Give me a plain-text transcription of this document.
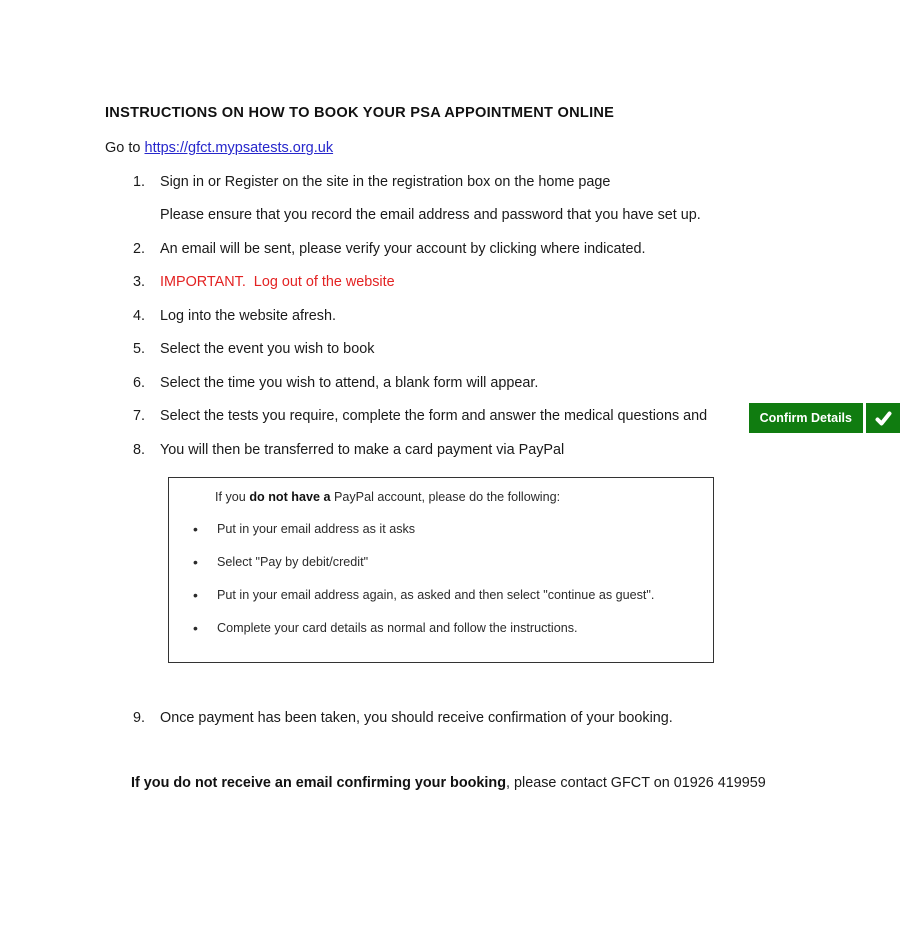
INSTRUCTIONS ON HOW TO BOOK YOUR PSA APPOINTMENT ONLINE
Go to https://gfct.mypsatests.org.uk
1.	Sign in or Register on the site in the registration box on the home page
Please ensure that you record the email address and password that you have set up.
2.	An email will be sent, please verify your account by clicking where indicated.
3.	IMPORTANT.  Log out of the website
4.	Log into the website afresh.
5.	Select the event you wish to book
6.	Select the time you wish to attend, a blank form will appear.
7.	Select the tests you require, complete the form and answer the medical questions and	Confirm Details
8.	You will then be transferred to make a card payment via PayPal
If you do not have a PayPal account, please do the following:
•
Put in your email address as it asks
•
Select "Pay by debit/credit"
•
Put in your email address again, as asked and then select "continue as guest".
•
Complete your card details as normal and follow the instructions.
9.	Once payment has been taken, you should receive confirmation of your booking.
If you do not receive an email confirming your booking, please contact GFCT on 01926 419959
